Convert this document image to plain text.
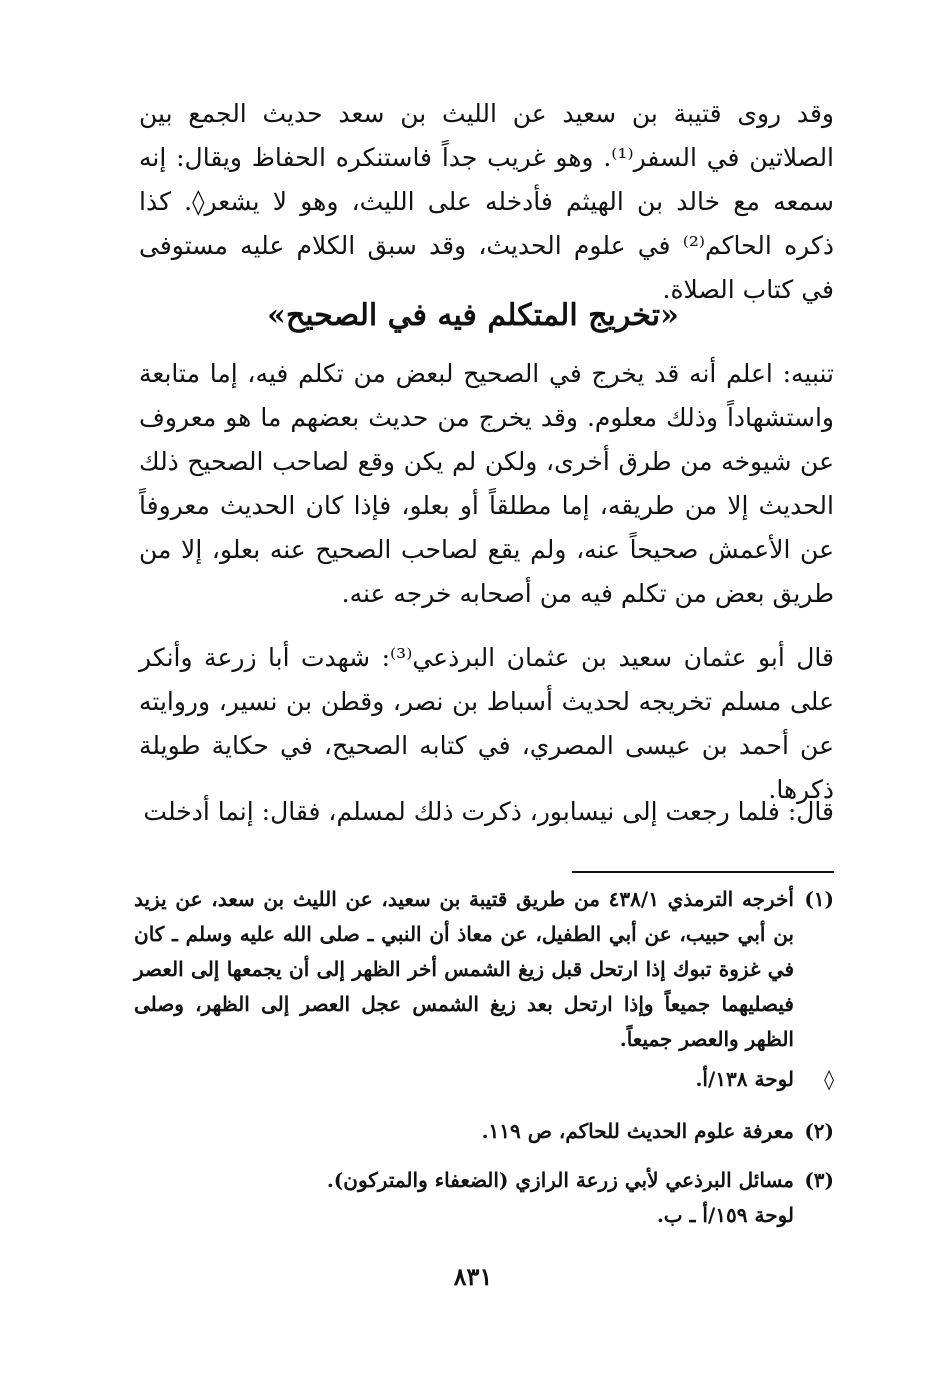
وقد روى قتيبة بن سعيد عن الليث بن سعد حديث الجمع بين الصلاتين في السفر⁽¹⁾. وهو غريب جداً فاستنكره الحفاظ ويقال: إنه سمعه مع خالد بن الهيثم فأدخله على الليث، وهو لا يشعر◊. كذا ذكره الحاكم⁽²⁾ في علوم الحديث، وقد سبق الكلام عليه مستوفى في كتاب الصلاة.

«تخريج المتكلم فيه في الصحيح»

تنبيه: اعلم أنه قد يخرج في الصحيح لبعض من تكلم فيه، إما متابعة واستشهاداً وذلك معلوم. وقد يخرج من حديث بعضهم ما هو معروف عن شيوخه من طرق أخرى، ولكن لم يكن وقع لصاحب الصحيح ذلك الحديث إلا من طريقه، إما مطلقاً أو بعلو، فإذا كان الحديث معروفاً عن الأعمش صحيحاً عنه، ولم يقع لصاحب الصحيح عنه بعلو، إلا من طريق بعض من تكلم فيه من أصحابه خرجه عنه.

قال أبو عثمان سعيد بن عثمان البرذعي⁽³⁾: شهدت أبا زرعة وأنكر على مسلم تخريجه لحديث أسباط بن نصر، وقطن بن نسير، وروايته عن أحمد بن عيسى المصري، في كتابه الصحيح، في حكاية طويلة ذكرها.

قال: فلما رجعت إلى نيسابور، ذكرت ذلك لمسلم، فقال: إنما أدخلت

(١)
أخرجه الترمذي ٤٣٨/١ من طريق قتيبة بن سعيد، عن الليث بن سعد، عن يزيد بن أبي حبيب، عن أبي الطفيل، عن معاذ أن النبي ـ صلى الله عليه وسلم ـ كان في غزوة تبوك إذا ارتحل قبل زيغ الشمس أخر الظهر إلى أن يجمعها إلى العصر فيصليهما جميعاً وإذا ارتحل بعد زيغ الشمس عجل العصر إلى الظهر، وصلى الظهر والعصر جميعاً.
◊لوحة ١٣٨/أ.
(٢)معرفة علوم الحديث للحاكم، ص ١١٩.
(٣)مسائل البرذعي لأبي زرعة الرازي (الضعفاء والمتركون).
لوحة ١٥٩/أ ـ ب.
٨٣١
